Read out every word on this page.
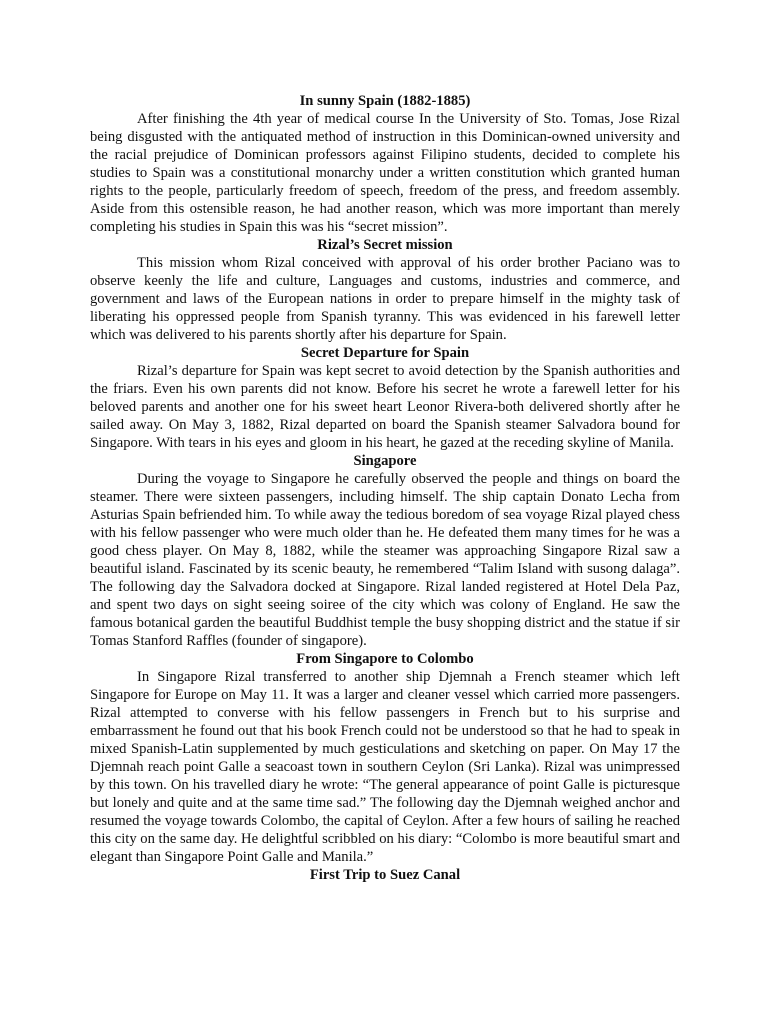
In sunny Spain (1882-1885)

After finishing the 4th year of medical course In the University of Sto. Tomas, Jose Rizal being disgusted with the antiquated method of instruction in this Dominican-owned university and the racial prejudice of Dominican professors against Filipino students, decided to complete his studies to Spain was a constitutional monarchy under a written constitution which granted human rights to the people, particularly freedom of speech, freedom of the press, and freedom assembly. Aside from this ostensible reason, he had another reason, which was more important than merely completing his studies in Spain this was his “secret mission”.

Rizal’s Secret mission

This mission whom Rizal conceived with approval of his order brother Paciano was to observe keenly the life and culture, Languages and customs, industries and commerce, and government and laws of the European nations in order to prepare himself in the mighty task of liberating his oppressed people from Spanish tyranny. This was evidenced in his farewell letter which was delivered to his parents shortly after his departure for Spain.

Secret Departure for Spain

Rizal’s departure for Spain was kept secret to avoid detection by the Spanish authorities and the friars. Even his own parents did not know. Before his secret he wrote a farewell letter for his beloved parents and another one for his sweet heart Leonor Rivera-both delivered shortly after he sailed away. On May 3, 1882, Rizal departed on board the Spanish steamer Salvadora bound for Singapore. With tears in his eyes and gloom in his heart, he gazed at the receding skyline of Manila.

Singapore

During the voyage to Singapore he carefully observed the people and things on board the steamer. There were sixteen passengers, including himself. The ship captain Donato Lecha from Asturias Spain befriended him. To while away the tedious boredom of sea voyage Rizal played chess with his fellow passenger who were much older than he. He defeated them many times for he was a good chess player. On May 8, 1882, while the steamer was approaching Singapore Rizal saw a beautiful island. Fascinated by its scenic beauty, he remembered “Talim Island with susong dalaga”. The following day the Salvadora docked at Singapore. Rizal landed registered at Hotel Dela Paz, and spent two days on sight seeing soiree of the city which was colony of England. He saw the famous botanical garden the beautiful Buddhist temple the busy shopping district and the statue if sir Tomas Stanford Raffles (founder of singapore).

From Singapore to Colombo

In Singapore Rizal transferred to another ship Djemnah a French steamer which left Singapore for Europe on May 11. It was a larger and cleaner vessel which carried more passengers. Rizal attempted to converse with his fellow passengers in French but to his surprise and embarrassment he found out that his book French could not be understood so that he had to speak in mixed Spanish-Latin supplemented by much gesticulations and sketching on paper. On May 17 the Djemnah reach point Galle a seacoast town in southern Ceylon (Sri Lanka). Rizal was unimpressed by this town. On his travelled diary he wrote: “The general appearance of point Galle is picturesque but lonely and quite and at the same time sad.” The following day the Djemnah weighed anchor and resumed the voyage towards Colombo, the capital of Ceylon. After a few hours of sailing he reached this city on the same day. He delightful scribbled on his diary: “Colombo is more beautiful smart and elegant than Singapore Point Galle and Manila.”

First Trip to Suez Canal
